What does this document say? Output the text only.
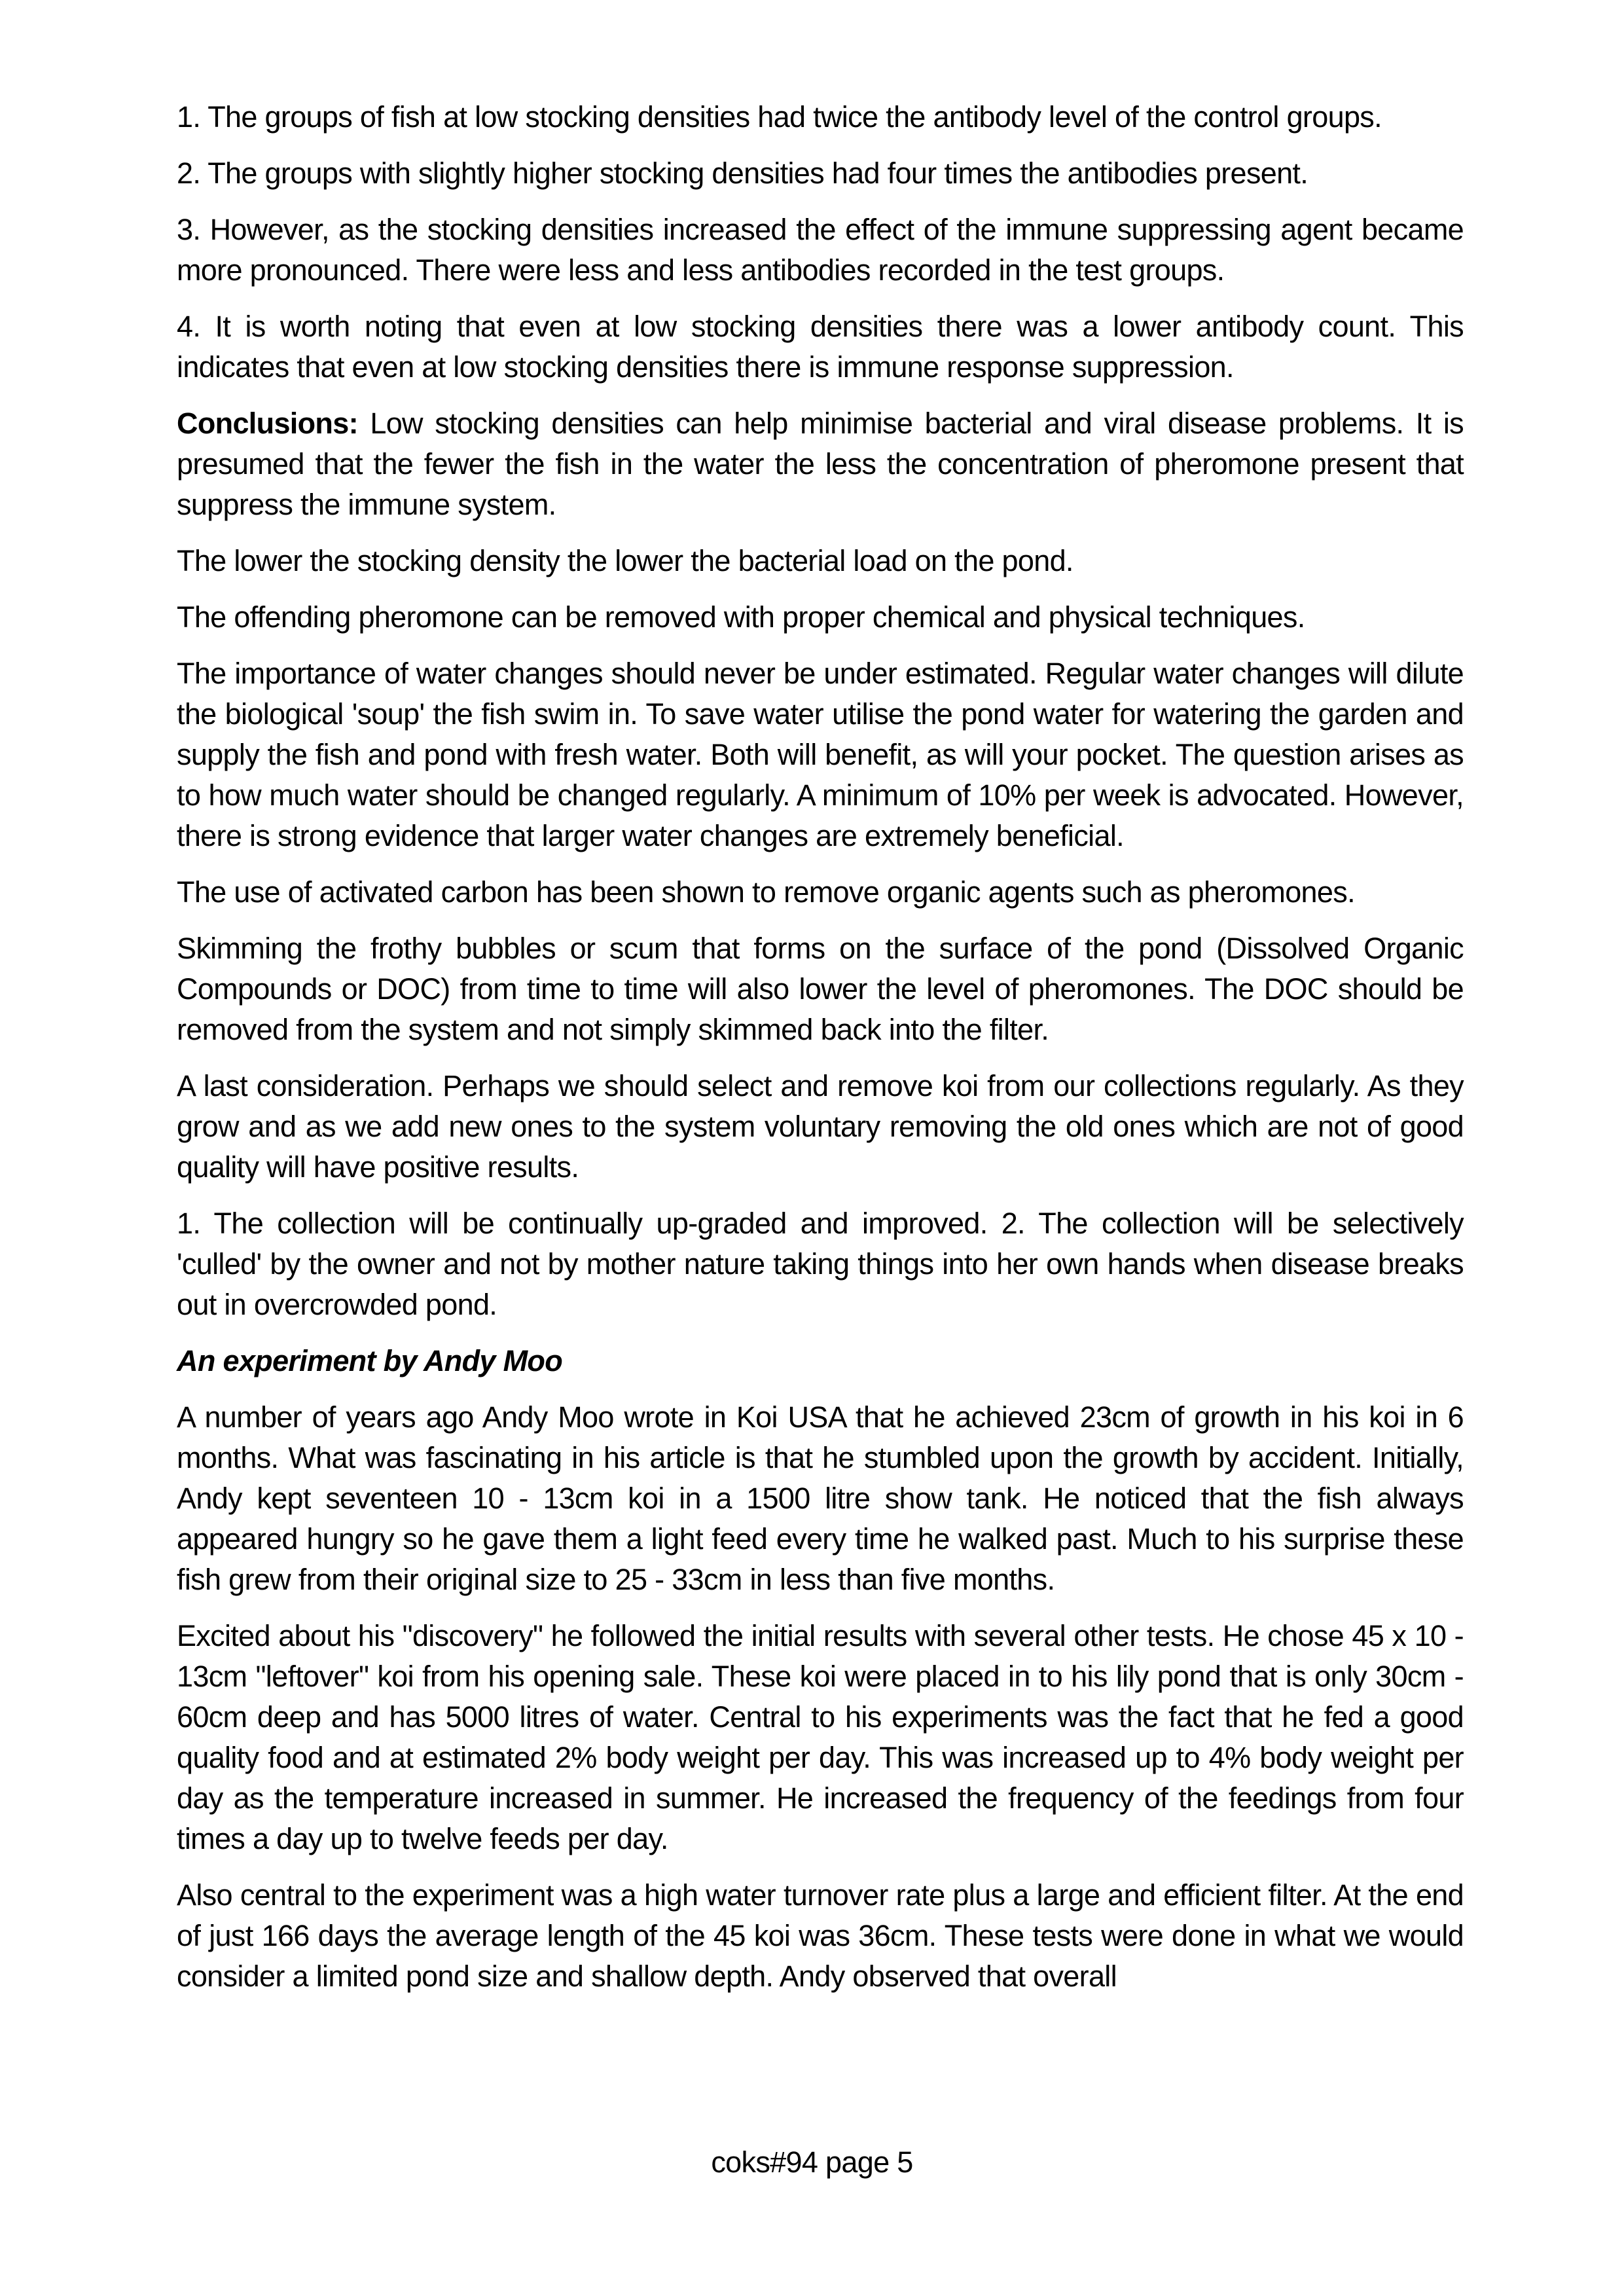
1. The groups of fish at low stocking densities had twice the antibody level of the control groups.

2. The groups with slightly higher stocking densities had four times the antibodies present.

3. However, as the stocking densities increased the effect of the immune suppressing agent became more pronounced. There were less and less antibodies recorded in the test groups.

4. It is worth noting that even at low stocking densities there was a lower antibody count. This indicates that even at low stocking densities there is immune response suppression.

Conclusions: Low stocking densities can help minimise bacterial and viral disease problems. It is presumed that the fewer the fish in the water the less the concentration of pheromone present that suppress the immune system.

The lower the stocking density the lower the bacterial load on the pond.

The offending pheromone can be removed with proper chemical and physical techniques.

The importance of water changes should never be under estimated. Regular water changes will dilute the biological 'soup' the fish swim in. To save water utilise the pond water for watering the garden and supply the fish and pond with fresh water. Both will benefit, as will your pocket. The question arises as to how much water should be changed regularly. A minimum of 10% per week is advocated. However, there is strong evidence that larger water changes are extremely beneficial.

The use of activated carbon has been shown to remove organic agents such as pheromones.

Skimming the frothy bubbles or scum that forms on the surface of the pond (Dissolved Organic Compounds or DOC) from time to time will also lower the level of pheromones. The DOC should be removed from the system and not simply skimmed back into the filter.

A last consideration. Perhaps we should select and remove koi from our collections regularly. As they grow and as we add new ones to the system voluntary removing the old ones which are not of good quality will have positive results.

1. The collection will be continually up-graded and improved. 2. The collection will be selectively 'culled' by the owner and not by mother nature taking things into her own hands when disease breaks out in overcrowded pond.

An experiment by Andy Moo

A number of years ago Andy Moo wrote in Koi USA that he achieved 23cm of growth in his koi in 6 months. What was fascinating in his article is that he stumbled upon the growth by accident. Initially, Andy kept seventeen 10 - 13cm koi in a 1500 litre show tank. He noticed that the fish always appeared hungry so he gave them a light feed every time he walked past. Much to his surprise these fish grew from their original size to 25 - 33cm in less than five months.

Excited about his "discovery" he followed the initial results with several other tests. He chose 45 x 10 - 13cm "leftover" koi from his opening sale. These koi were placed in to his lily pond that is only 30cm - 60cm deep and has 5000 litres of water. Central to his experiments was the fact that he fed a good quality food and at estimated 2% body weight per day. This was increased up to 4% body weight per day as the temperature increased in summer. He increased the frequency of the feedings from four times a day up to twelve feeds per day.

Also central to the experiment was a high water turnover rate plus a large and efficient filter. At the end of just 166 days the average length of the 45 koi was 36cm. These tests were done in what we would consider a limited pond size and shallow depth. Andy observed that overall

coks#94 page 5
